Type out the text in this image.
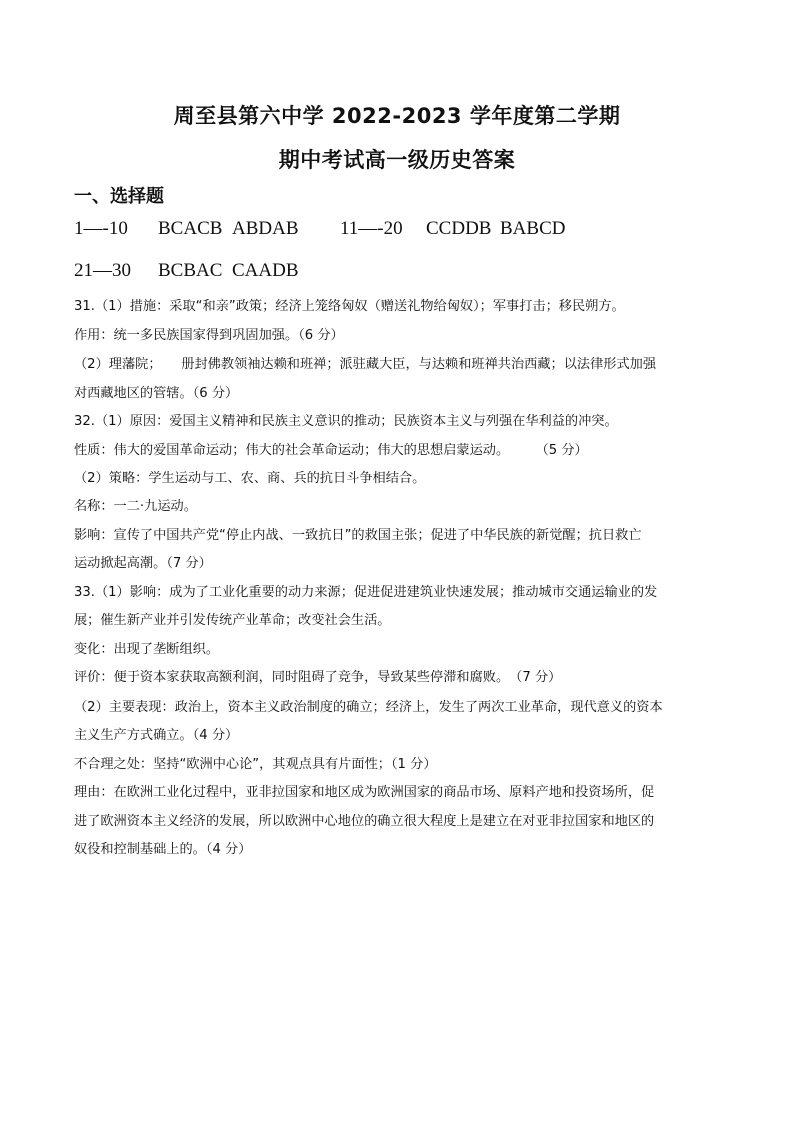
周至县第六中学 2022-2023 学年度第二学期
期中考试高一级历史答案
一、选择题
1—-10 BCACB ABDAB 11—-20 CCDDB BABCD
21—30 BCBAC CAADB
31.（1）措施：采取“和亲”政策；经济上笼络匈奴（赠送礼物给匈奴）；军事打击；移民朔方。
作用：统一多民族国家得到巩固加强。（6 分）
（2）理藩院；　　册封佛教领袖达赖和班禅；派驻藏大臣，与达赖和班禅共治西藏；以法律形式加强
对西藏地区的管辖。（6 分）
32.（1）原因：爱国主义精神和民族主义意识的推动；民族资本主义与列强在华利益的冲突。
性质：伟大的爱国革命运动；伟大的社会革命运动；伟大的思想启蒙运动。　　　（5 分）
（2）策略：学生运动与工、农、商、兵的抗日斗争相结合。
名称：一二·九运动。
影响：宣传了中国共产党“停止内战、一致抗日”的救国主张；促进了中华民族的新觉醒；抗日救亡
运动掀起高潮。（7 分）
33.（1）影响：成为了工业化重要的动力来源；促进促进建筑业快速发展；推动城市交通运输业的发
展；催生新产业并引发传统产业革命；改变社会生活。
变化：出现了垄断组织。
评价：便于资本家获取高额利润，同时阻碍了竞争，导致某些停滞和腐败。　（7 分）
（2）主要表现：政治上，资本主义政治制度的确立；经济上，发生了两次工业革命，现代意义的资本
主义生产方式确立。（4 分）
不合理之处：坚持“欧洲中心论”，其观点具有片面性；（1 分）
理由：在欧洲工业化过程中，亚非拉国家和地区成为欧洲国家的商品市场、原料产地和投资场所，促
进了欧洲资本主义经济的发展，所以欧洲中心地位的确立很大程度上是建立在对亚非拉国家和地区的
奴役和控制基础上的。（4 分）
